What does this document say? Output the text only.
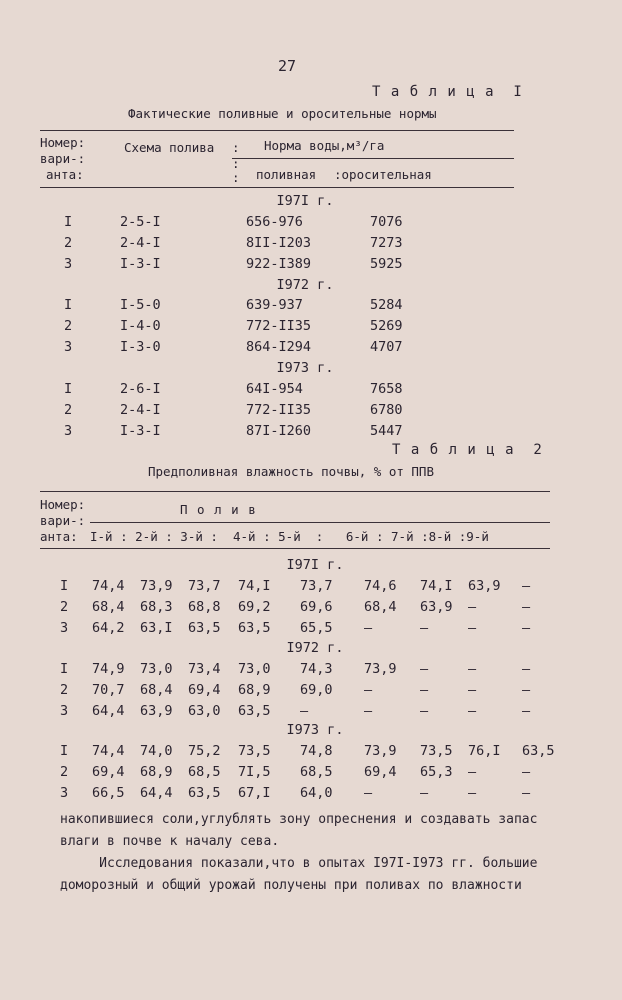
27
Т а б л и ц а  I
Фактические поливные и оросительные нормы
Номер:
вари-:
анта:
Схема полива :
:
Норма воды,м³/га
: поливная :оросительная
I97I г.
I	2-5-I	656-976	7076
2	2-4-I	8II-I203	7273
3	I-3-I	922-I389	5925
I972 г.
I	I-5-0	639-937	5284
2	I-4-0	772-II35	5269
3	I-3-0	864-I294	4707
I973 г.
I	2-6-I	64I-954	7658
2	2-4-I	772-II35	6780
3	I-3-I	87I-I260	5447
Т а б л и ц а  2
Предполивная влажность почвы, % от ППВ
Номер:
вари-:
анта:
П о л и в
I-й : 2-й : 3-й :  4-й : 5-й  :   6-й : 7-й :8-й :9-й
I97I г.
I 74,4 73,9 73,7 74,I 73,7 74,6 74,I 63,9 –
2 68,4 68,3 68,8 69,2 69,6 68,4 63,9 –	–
3 64,2 63,I 63,5 63,5 65,5 –	–	–	–
I972 г.
I 74,9 73,0 73,4 73,0 74,3 73,9 –	–	–
2 70,7 68,4 69,4 68,9 69,0 –	–	–	–
3 64,4 63,9 63,0 63,5 –	–	–	–	–
I973 г.
I 74,4 74,0 75,2 73,5 74,8 73,9 73,5 76,I 63,5
2 69,4 68,9 68,5 7I,5 68,5 69,4 65,3 –	–
3 66,5 64,4 63,5 67,I 64,0 –	–	–	–
накопившиеся соли,углублять зону опреснения и создавать запас
влаги в почве к началу сева.
Исследования показали,что в опытах I97I-I973 гг. большие
доморозный и общий урожай получены при поливах по влажности
